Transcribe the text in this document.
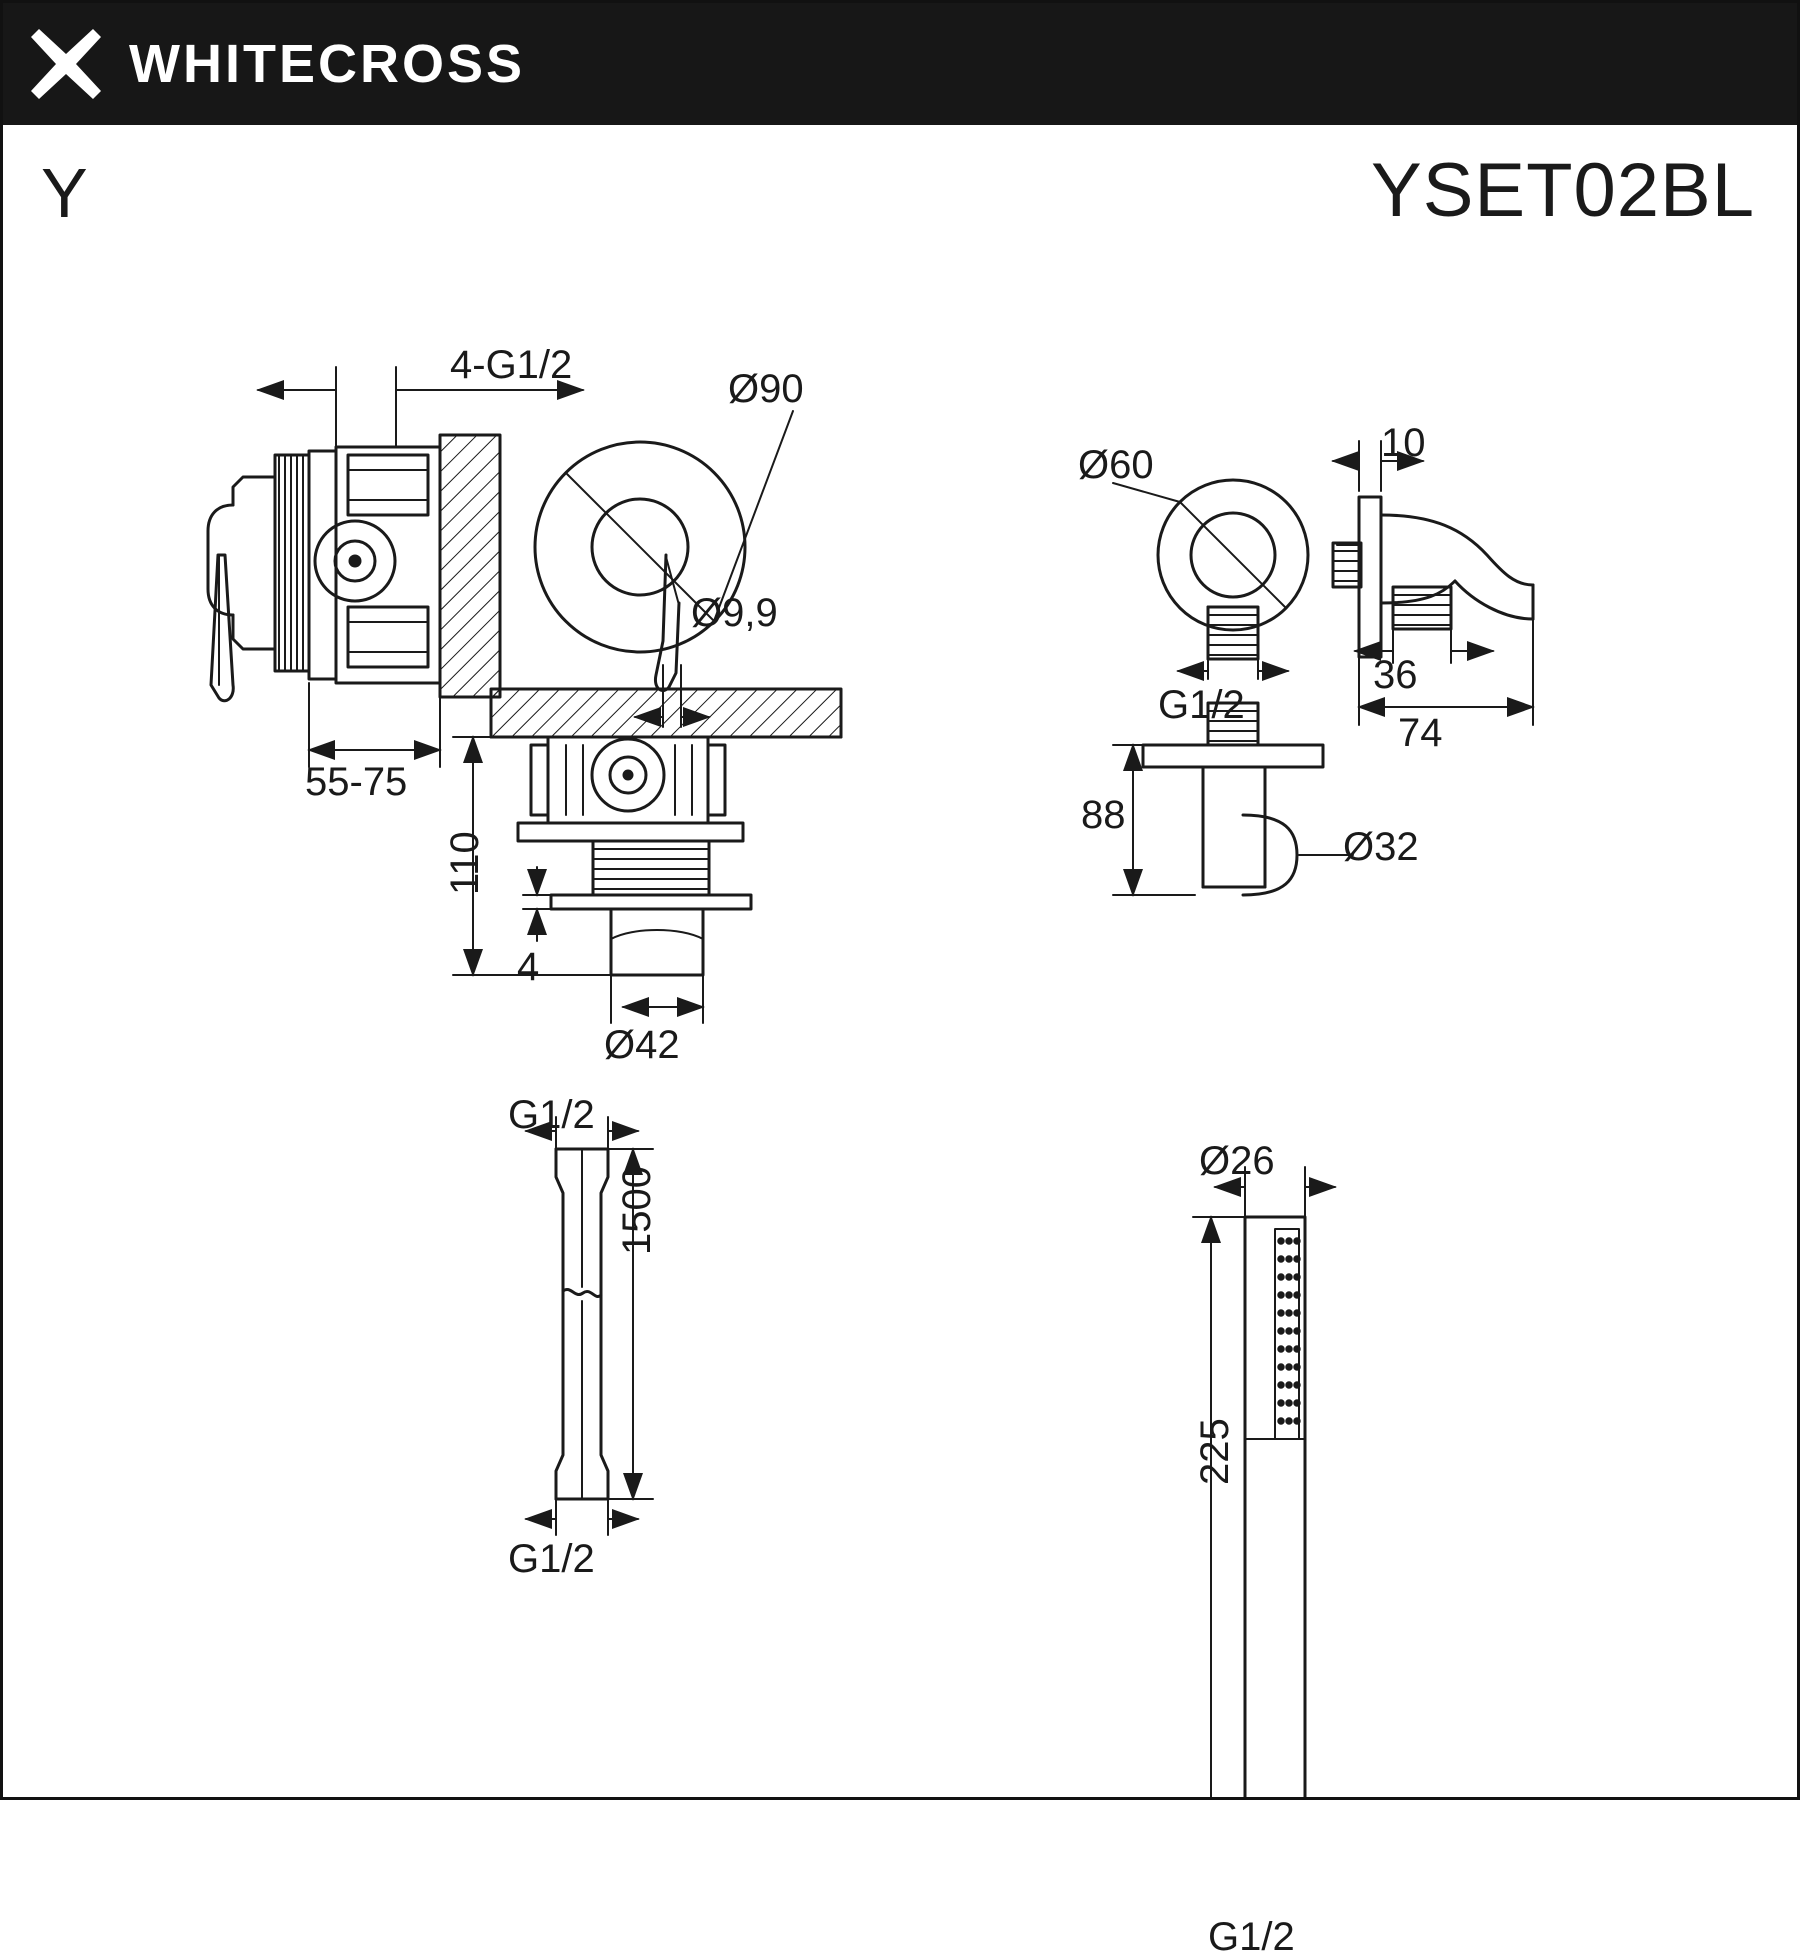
WHITECROSS
Y	YSET02BL
4-G1/2
55-75
Ø90
Ø9,9
110
4
Ø42
Ø60
G1/2
88
Ø32
10
36
74
G1/2
1500
G1/2
Ø26
225
G1/2
